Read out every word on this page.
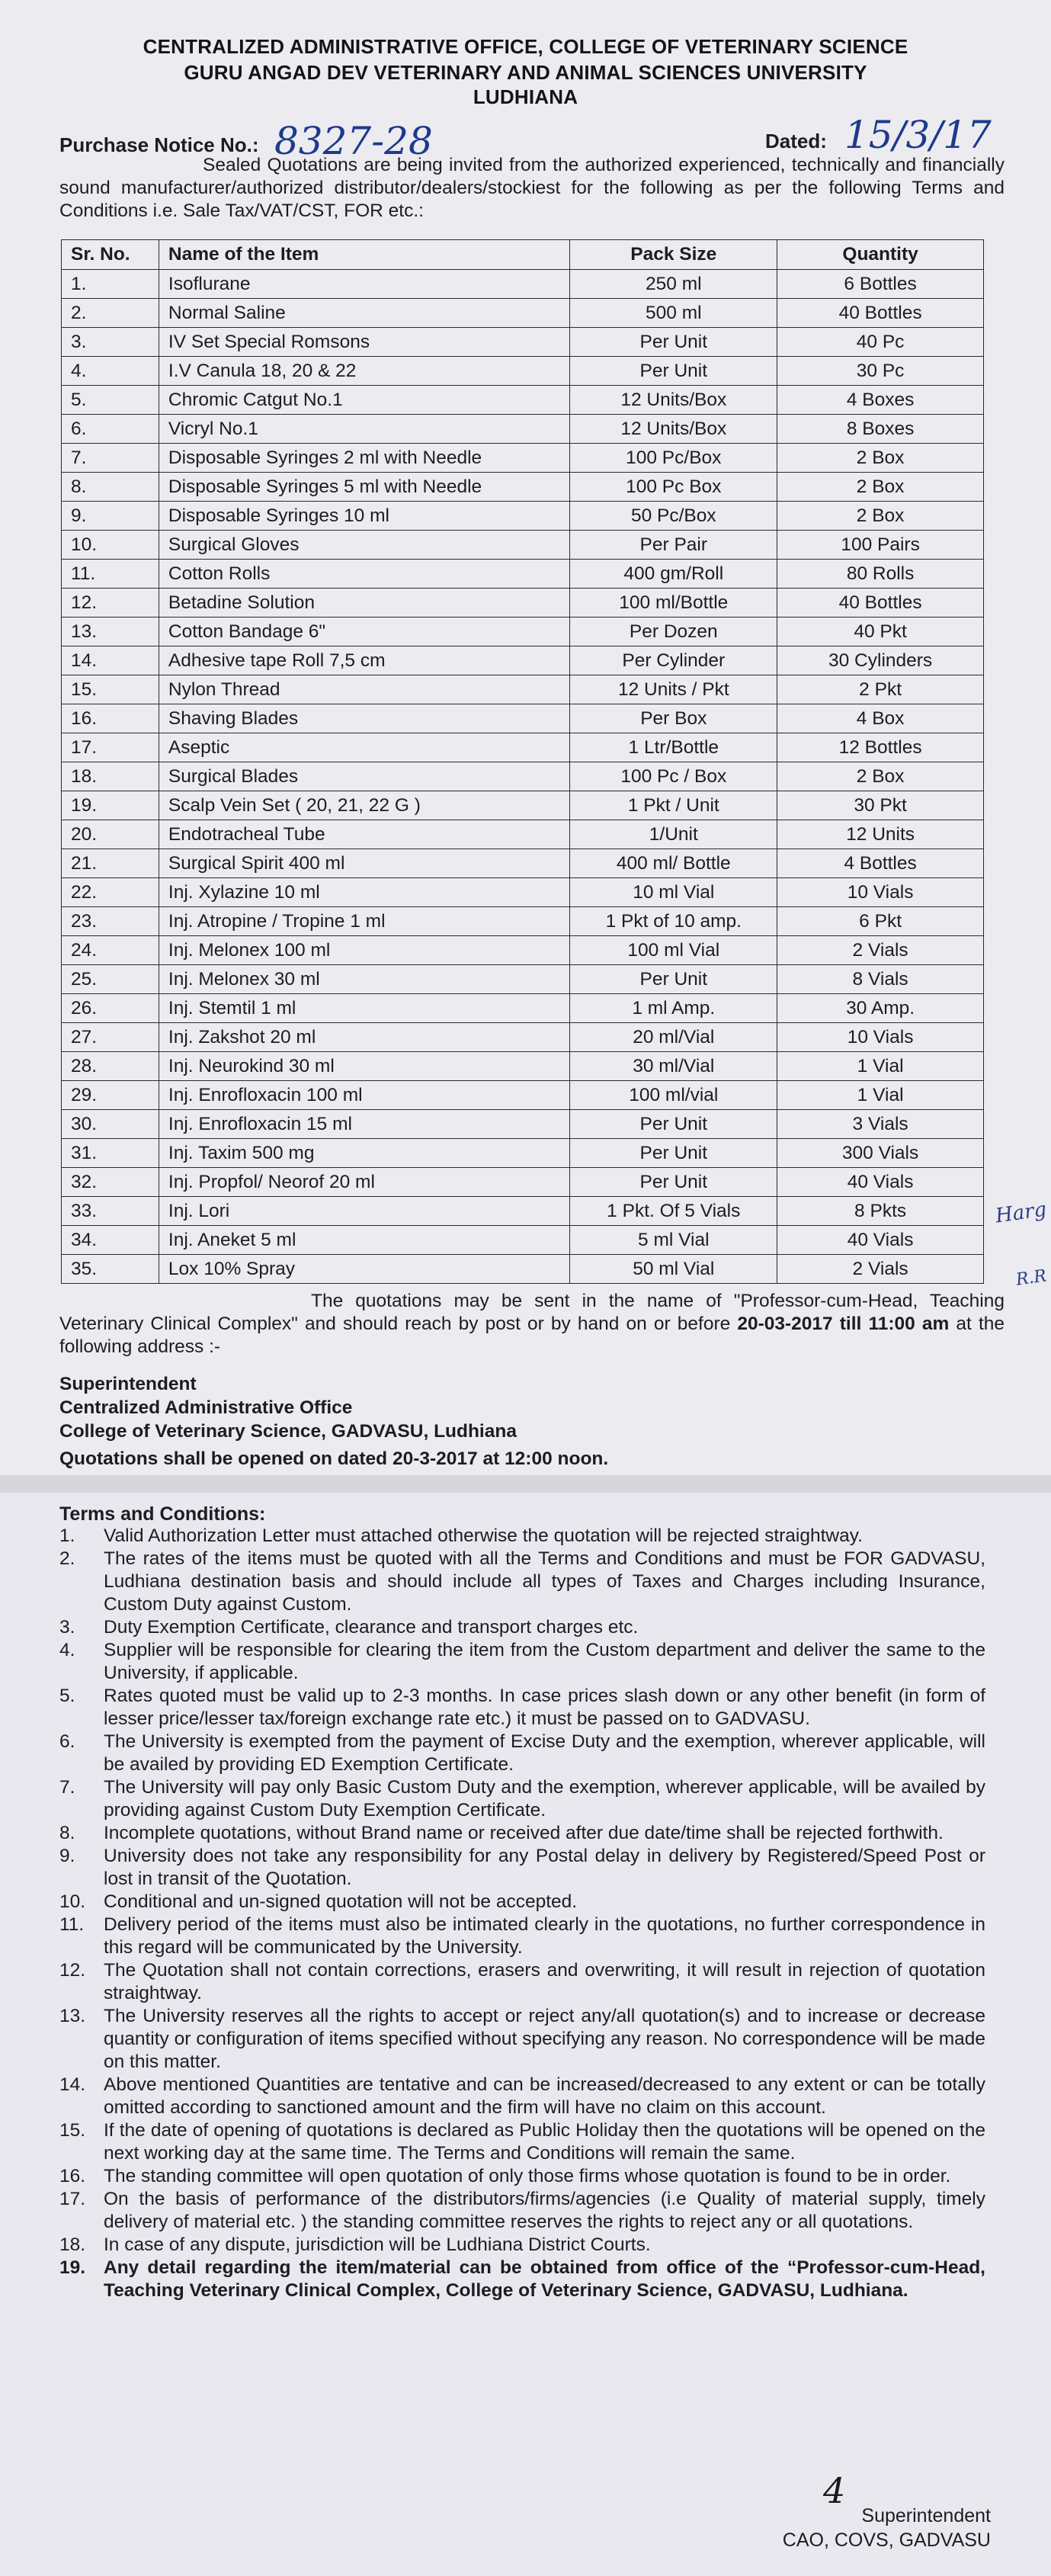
CENTRALIZED ADMINISTRATIVE OFFICE, COLLEGE OF VETERINARY SCIENCE
GURU ANGAD DEV VETERINARY AND ANIMAL SCIENCES UNIVERSITY
LUDHIANA
Purchase Notice No.: 8327-28	Dated: 15/3/17
Sealed Quotations are being invited from the authorized experienced, technically and financially sound manufacturer/authorized distributor/dealers/stockiest for the following as per the following Terms and Conditions i.e. Sale Tax/VAT/CST, FOR etc.:
Sr. No.	Name of the Item	Pack Size	Quantity
1.	Isoflurane	250 ml	6 Bottles
2.	Normal Saline	500 ml	40 Bottles
3.	IV Set Special Romsons	Per Unit	40 Pc
4.	I.V Canula 18, 20 & 22	Per Unit	30 Pc
5.	Chromic Catgut No.1	12 Units/Box	4 Boxes
6.	Vicryl No.1	12 Units/Box	8 Boxes
7.	Disposable Syringes 2 ml with Needle	100 Pc/Box	2 Box
8.	Disposable Syringes 5 ml with Needle	100 Pc Box	2 Box
9.	Disposable Syringes 10 ml	50 Pc/Box	2 Box
10.	Surgical Gloves	Per Pair	100 Pairs
11.	Cotton Rolls	400 gm/Roll	80 Rolls
12.	Betadine Solution	100 ml/Bottle	40 Bottles
13.	Cotton Bandage 6"	Per Dozen	40 Pkt
14.	Adhesive tape Roll 7,5 cm	Per Cylinder	30 Cylinders
15.	Nylon Thread	12 Units / Pkt	2 Pkt
16.	Shaving Blades	Per Box	4 Box
17.	Aseptic	1 Ltr/Bottle	12 Bottles
18.	Surgical Blades	100 Pc / Box	2 Box
19.	Scalp Vein Set ( 20, 21, 22 G )	1 Pkt / Unit	30 Pkt
20.	Endotracheal Tube	1/Unit	12 Units
21.	Surgical Spirit 400 ml	400 ml/ Bottle	4 Bottles
22.	Inj. Xylazine 10 ml	10 ml Vial	10 Vials
23.	Inj. Atropine / Tropine 1 ml	1 Pkt of 10 amp.	6 Pkt
24.	Inj. Melonex 100 ml	100 ml Vial	2 Vials
25.	Inj. Melonex 30 ml	Per Unit	8 Vials
26.	Inj. Stemtil 1 ml	1 ml Amp.	30 Amp.
27.	Inj. Zakshot 20 ml	20 ml/Vial	10 Vials
28.	Inj. Neurokind 30 ml	30 ml/Vial	1 Vial
29.	Inj. Enrofloxacin 100 ml	100 ml/vial	1 Vial
30.	Inj. Enrofloxacin 15 ml	Per Unit	3 Vials
31.	Inj. Taxim 500 mg	Per Unit	300 Vials
32.	Inj. Propfol/ Neorof 20 ml	Per Unit	40 Vials
33.	Inj. Lori	1 Pkt. Of 5 Vials	8 Pkts
34.	Inj. Aneket 5 ml	5 ml Vial	40 Vials
35.	Lox 10% Spray	50 ml Vial	2 Vials
The quotations may be sent in the name of "Professor-cum-Head, Teaching Veterinary Clinical Complex" and should reach by post or by hand on or before 20-03-2017 till 11:00 am at the following address :-
Superintendent
Centralized Administrative Office
College of Veterinary Science, GADVASU, Ludhiana
Quotations shall be opened on dated 20-3-2017 at 12:00 noon.
Harg
R.R
Terms and Conditions:
1.	Valid Authorization Letter must attached otherwise the quotation will be rejected straightway.
2.	The rates of the items must be quoted with all the Terms and Conditions and must be FOR GADVASU, Ludhiana destination basis and should include all types of Taxes and Charges including Insurance, Custom Duty against Custom.
3.	Duty Exemption Certificate, clearance and transport charges etc.
4.	Supplier will be responsible for clearing the item from the Custom department and deliver the same to the University, if applicable.
5.	Rates quoted must be valid up to 2-3 months. In case prices slash down or any other benefit (in form of lesser price/lesser tax/foreign exchange rate etc.) it must be passed on to GADVASU.
6.	The University is exempted from the payment of Excise Duty and the exemption, wherever applicable, will be availed by providing ED Exemption Certificate.
7.	The University will pay only Basic Custom Duty and the exemption, wherever applicable, will be availed by providing against Custom Duty Exemption Certificate.
8.	Incomplete quotations, without Brand name or received after due date/time shall be rejected forthwith.
9.	University does not take any responsibility for any Postal delay in delivery by Registered/Speed Post or lost in transit of the Quotation.
10. Conditional and un-signed quotation will not be accepted.
11.	Delivery period of the items must also be intimated clearly in the quotations, no further correspondence in this regard will be communicated by the University.
12. The Quotation shall not contain corrections, erasers and overwriting, it will result in rejection of quotation straightway.
13. The University reserves all the rights to accept or reject any/all quotation(s) and to increase or decrease quantity or configuration of items specified without specifying any reason. No correspondence will be made on this matter.
14. Above mentioned Quantities are tentative and can be increased/decreased to any extent or can be totally omitted according to sanctioned amount and the firm will have no claim on this account.
15. If the date of opening of quotations is declared as Public Holiday then the quotations will be opened on the next working day at the same time. The Terms and Conditions will remain the same.
16. The standing committee will open quotation of only those firms whose quotation is found to be in order.
17. On the basis of performance of the distributors/firms/agencies (i.e Quality of material supply, timely delivery of material etc. ) the standing committee reserves the rights to reject any or all quotations.
18. In case of any dispute, jurisdiction will be Ludhiana District Courts.
19. Any detail regarding the item/material can be obtained from office of the “Professor-cum-Head, Teaching Veterinary Clinical Complex, College of Veterinary Science, GADVASU, Ludhiana.
4
Superintendent
CAO, COVS, GADVASU
